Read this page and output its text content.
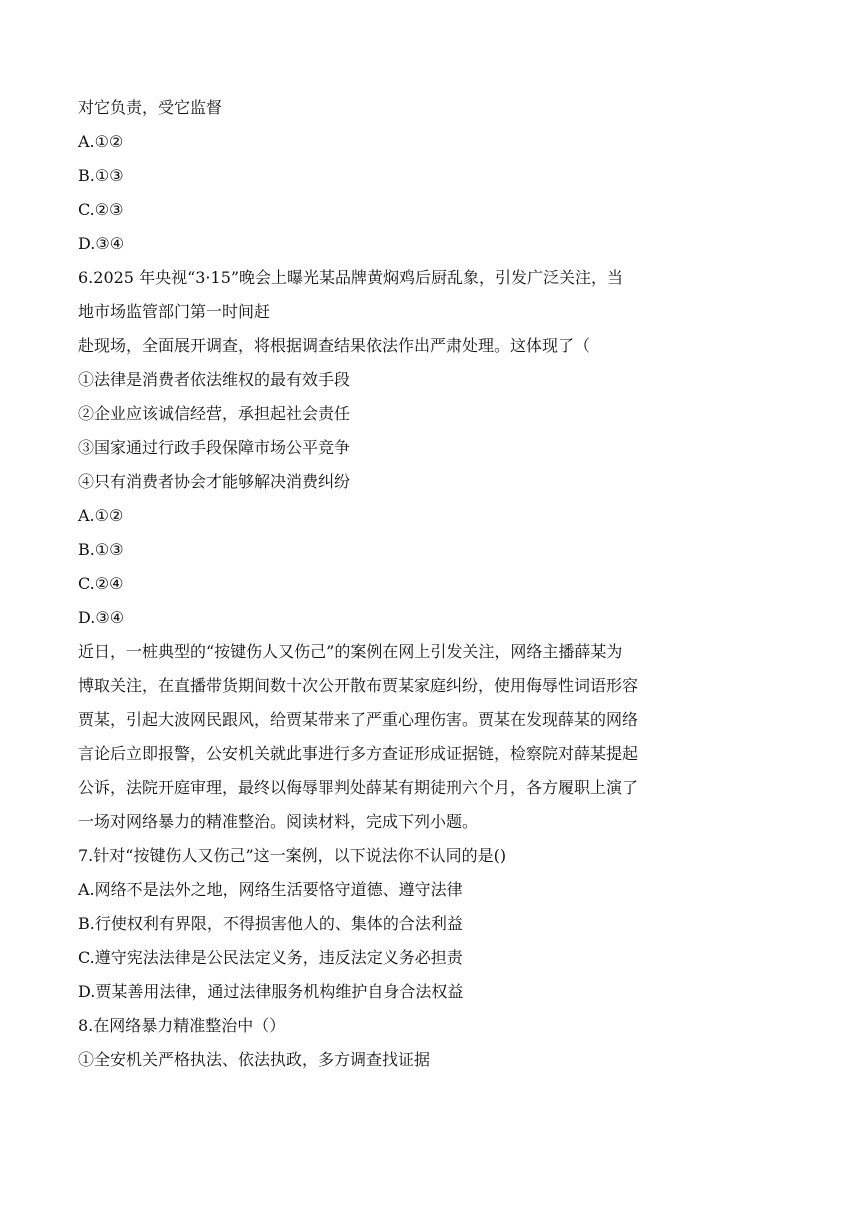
对它负责，受它监督
A.①②
B.①③
C.②③
D.③④
6.2025 年央视“3·15”晚会上曝光某品牌黄焖鸡后厨乱象，引发广泛关注，当
地市场监管部门第一时间赶
赴现场，全面展开调查，将根据调查结果依法作出严肃处理。这体现了（
①法律是消费者依法维权的最有效手段
②企业应该诚信经营，承担起社会责任
③国家通过行政手段保障市场公平竞争
④只有消费者协会才能够解决消费纠纷
A.①②
B.①③
C.②④
D.③④
近日，一桩典型的“按键伤人又伤己”的案例在网上引发关注，网络主播薛某为
博取关注，在直播带货期间数十次公开散布贾某家庭纠纷，使用侮辱性词语形容
贾某，引起大波网民跟风，给贾某带来了严重心理伤害。贾某在发现薛某的网络
言论后立即报警，公安机关就此事进行多方查证形成证据链，检察院对薛某提起
公诉，法院开庭审理，最终以侮辱罪判处薛某有期徒刑六个月，各方履职上演了
一场对网络暴力的精准整治。阅读材料，完成下列小题。
7.针对“按键伤人又伤己”这一案例，以下说法你不认同的是()
A.网络不是法外之地，网络生活要恪守道德、遵守法律
B.行使权利有界限，不得损害他人的、集体的合法利益
C.遵守宪法法律是公民法定义务，违反法定义务必担责
D.贾某善用法律，通过法律服务机构维护自身合法权益
8.在网络暴力精准整治中（）
①全安机关严格执法、依法执政，多方调查找证据
